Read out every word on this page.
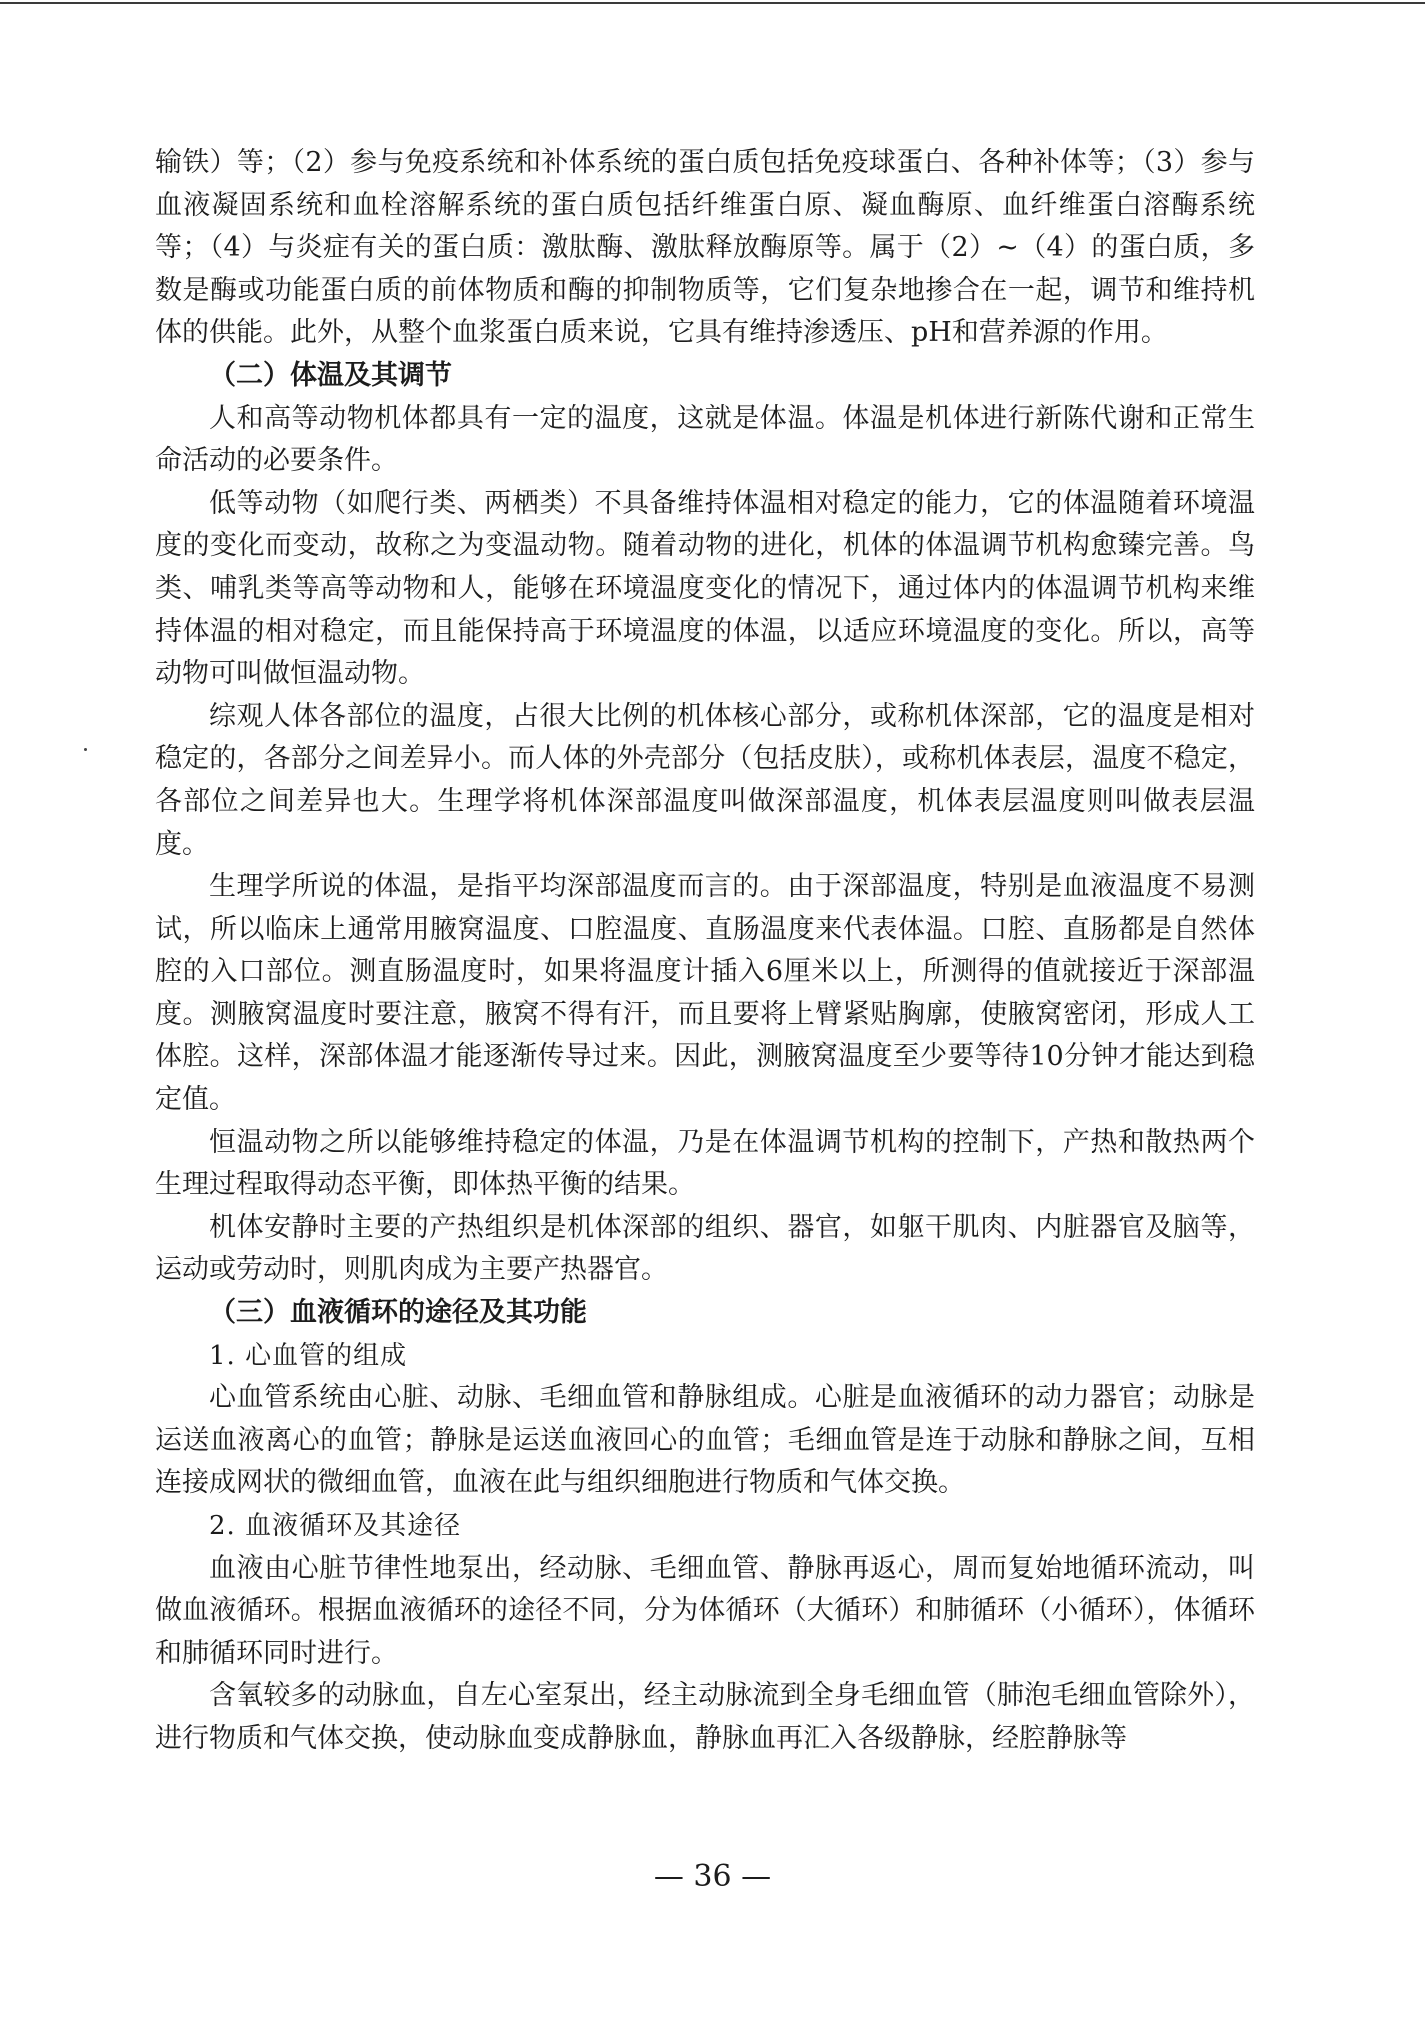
输铁）等；（2）参与免疫系统和补体系统的蛋白质包括免疫球蛋白、各种补体等；（3）参与血液凝固系统和血栓溶解系统的蛋白质包括纤维蛋白原、凝血酶原、血纤维蛋白溶酶系统等；（4）与炎症有关的蛋白质：激肽酶、激肽释放酶原等。属于（2）~（4）的蛋白质，多数是酶或功能蛋白质的前体物质和酶的抑制物质等，它们复杂地掺合在一起，调节和维持机体的供能。此外，从整个血浆蛋白质来说，它具有维持渗透压、pH和营养源的作用。

（二）体温及其调节

人和高等动物机体都具有一定的温度，这就是体温。体温是机体进行新陈代谢和正常生命活动的必要条件。

低等动物（如爬行类、两栖类）不具备维持体温相对稳定的能力，它的体温随着环境温度的变化而变动，故称之为变温动物。随着动物的进化，机体的体温调节机构愈臻完善。鸟类、哺乳类等高等动物和人，能够在环境温度变化的情况下，通过体内的体温调节机构来维持体温的相对稳定，而且能保持高于环境温度的体温，以适应环境温度的变化。所以，高等动物可叫做恒温动物。

综观人体各部位的温度，占很大比例的机体核心部分，或称机体深部，它的温度是相对稳定的，各部分之间差异小。而人体的外壳部分（包括皮肤），或称机体表层，温度不稳定，各部位之间差异也大。生理学将机体深部温度叫做深部温度，机体表层温度则叫做表层温度。

生理学所说的体温，是指平均深部温度而言的。由于深部温度，特别是血液温度不易测试，所以临床上通常用腋窝温度、口腔温度、直肠温度来代表体温。口腔、直肠都是自然体腔的入口部位。测直肠温度时，如果将温度计插入6厘米以上，所测得的值就接近于深部温度。测腋窝温度时要注意，腋窝不得有汗，而且要将上臂紧贴胸廓，使腋窝密闭，形成人工体腔。这样，深部体温才能逐渐传导过来。因此，测腋窝温度至少要等待10分钟才能达到稳定值。

恒温动物之所以能够维持稳定的体温，乃是在体温调节机构的控制下，产热和散热两个生理过程取得动态平衡，即体热平衡的结果。

机体安静时主要的产热组织是机体深部的组织、器官，如躯干肌肉、内脏器官及脑等，运动或劳动时，则肌肉成为主要产热器官。

（三）血液循环的途径及其功能

1. 心血管的组成

心血管系统由心脏、动脉、毛细血管和静脉组成。心脏是血液循环的动力器官；动脉是运送血液离心的血管；静脉是运送血液回心的血管；毛细血管是连于动脉和静脉之间，互相连接成网状的微细血管，血液在此与组织细胞进行物质和气体交换。

2. 血液循环及其途径

血液由心脏节律性地泵出，经动脉、毛细血管、静脉再返心，周而复始地循环流动，叫做血液循环。根据血液循环的途径不同，分为体循环（大循环）和肺循环（小循环），体循环和肺循环同时进行。

含氧较多的动脉血，自左心室泵出，经主动脉流到全身毛细血管（肺泡毛细血管除外），进行物质和气体交换，使动脉血变成静脉血，静脉血再汇入各级静脉，经腔静脉等

— 36 —
